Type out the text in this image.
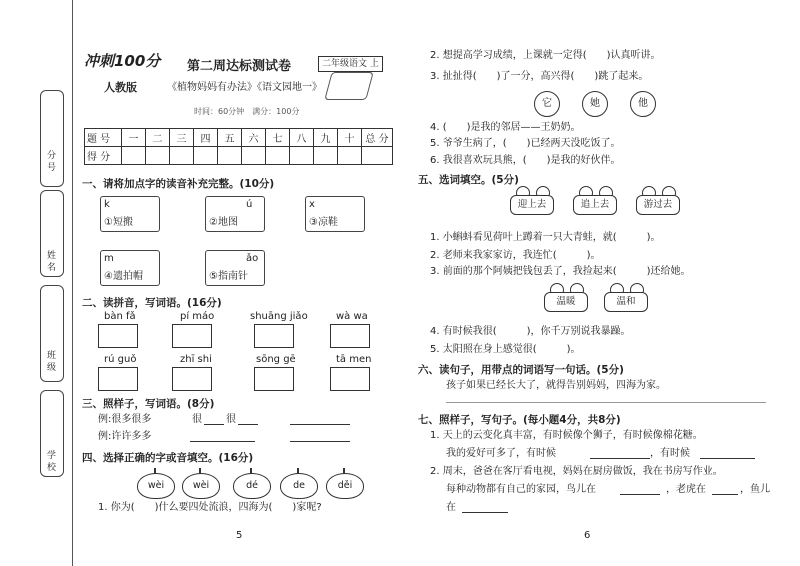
分 号
姓 名
班 级
学 校
冲刺100分 第二周达标测试卷	二年级语文 上
人教版	《植物妈妈有办法》《语文园地一》
时间：60分钟　满分：100分
题 号	一	二	三	四	五	六	七	八	九	十	总 分
得 分											
一、请将加点字的读音补充完整。(10分)
k
①短搬
ú
②地图
x
③凉鞋
m
④遗拍帽
ǎo
⑤指南针
二、读拼音，写词语。(16分)
bàn fǎ	pí máo	shuāng jiǎo	wà wa
rú guǒ	zhī shi	sōng gē	tā men
三、照样子，写词语。(8分)
例:很多很多	很 很
例:许许多多
四、选择正确的字或音填空。(16分)
wèi	wèi	dé	de	děi
1. 你为(　　)什么要四处流浪，四海为(　　)家呢?
5
2. 想提高学习成绩，上课就一定得(　　)认真听讲。
3. 扯扯得(　　)了一分，高兴得(　　)跳了起来。
它	她	他
4. (　　)是我的邻居——王奶奶。
5. 爷爷生病了，(　　)已经两天没吃饭了。
6. 我很喜欢玩具熊，(　　)是我的好伙伴。
五、选词填空。(5分)
迎上去	追上去	游过去
1. 小蝌蚪看见荷叶上蹲着一只大青蛙，就(　　　)。
2. 老师来我家家访，我连忙(　　　)。
3. 前面的那个阿姨把钱包丢了，我捡起来(　　　)还给她。
温暖	温和
4. 有时候我很(　　　)，你千万别说我暴躁。
5. 太阳照在身上感觉很(　　　)。
六、读句子，用带点的词语写一句话。(5分)
孩子如果已经长大了，就得告别妈妈，四海为家。
七、照样子，写句子。(每小题4分，共8分)
1. 天上的云变化真丰富，有时候像个狮子，有时候像棉花糖。
我的爱好可多了，有时候	，有时候
2. 周末，爸爸在客厅看电视，妈妈在厨房做饭，我在书房写作业。
每种动物都有自己的家园，鸟儿在	，老虎在	，鱼儿
在
6
